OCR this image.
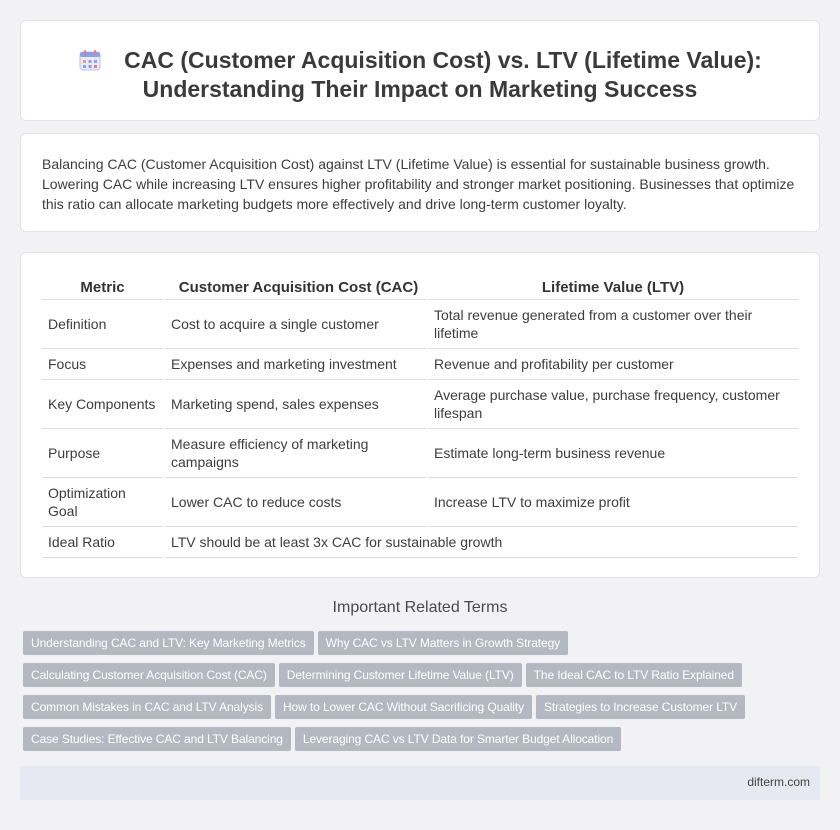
CAC (Customer Acquisition Cost) vs. LTV (Lifetime Value): Understanding Their Impact on Marketing Success

Balancing CAC (Customer Acquisition Cost) against LTV (Lifetime Value) is essential for sustainable business growth. Lowering CAC while increasing LTV ensures higher profitability and stronger market positioning. Businesses that optimize this ratio can allocate marketing budgets more effectively and drive long-term customer loyalty.

Metric	Customer Acquisition Cost (CAC)	Lifetime Value (LTV)
Definition	Cost to acquire a single customer	Total revenue generated from a customer over their lifetime
Focus	Expenses and marketing investment	Revenue and profitability per customer
Key Components	Marketing spend, sales expenses	Average purchase value, purchase frequency, customer lifespan
Purpose	Measure efficiency of marketing campaigns	Estimate long-term business revenue
Optimization Goal	Lower CAC to reduce costs	Increase LTV to maximize profit
Ideal Ratio	LTV should be at least 3x CAC for sustainable growth	
Important Related Terms
Understanding CAC and LTV: Key Marketing Metrics Why CAC vs LTV Matters in Growth Strategy
Calculating Customer Acquisition Cost (CAC) Determining Customer Lifetime Value (LTV) The Ideal CAC to LTV Ratio Explained
Common Mistakes in CAC and LTV Analysis How to Lower CAC Without Sacrificing Quality Strategies to Increase Customer LTV
Case Studies: Effective CAC and LTV Balancing Leveraging CAC vs LTV Data for Smarter Budget Allocation
difterm.com
